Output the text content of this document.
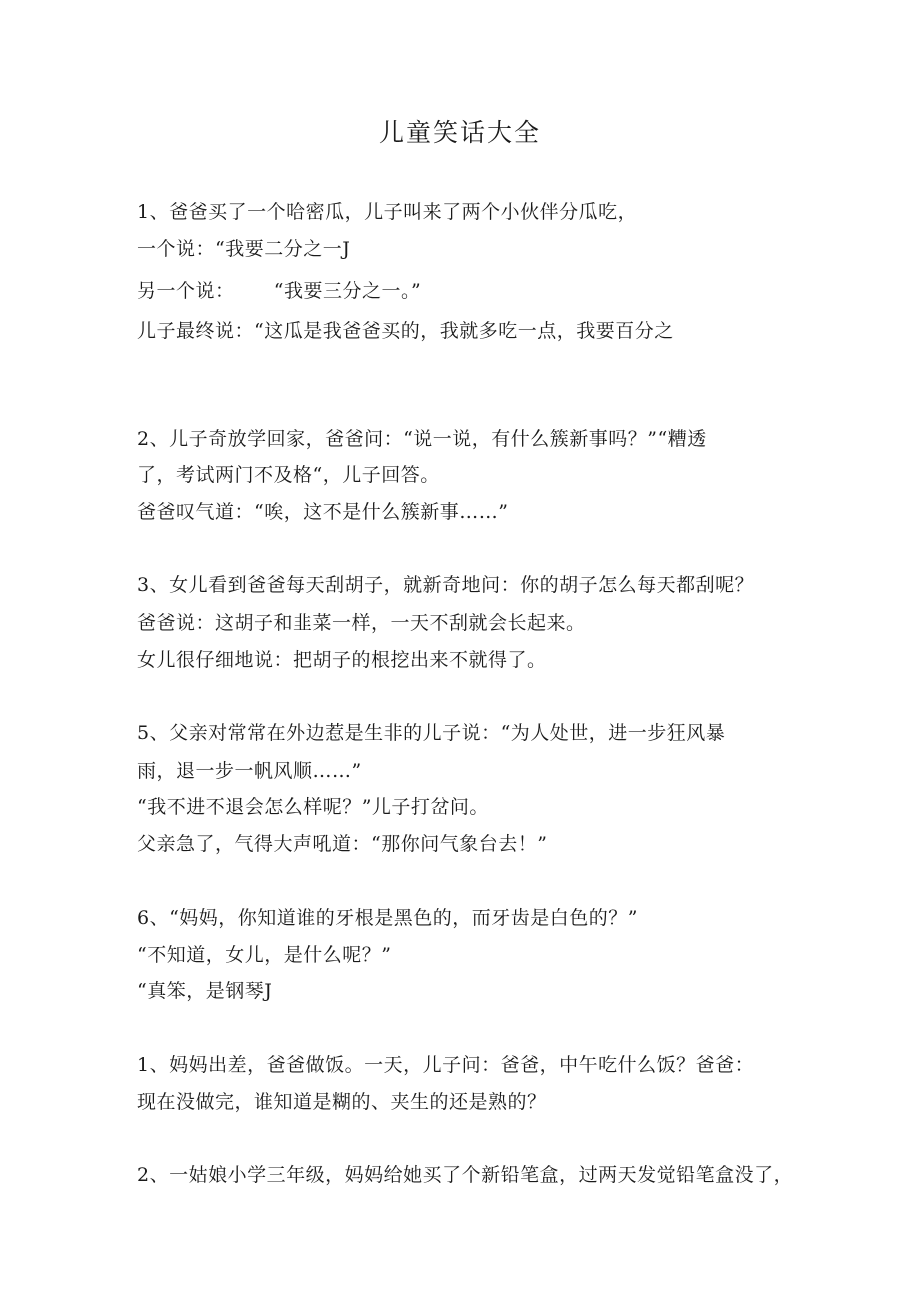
儿童笑话大全
1、爸爸买了一个哈密瓜，儿子叫来了两个小伙伴分瓜吃，
一个说：“我要二分之一J
另一个说：      “我要三分之一。”
儿子最终说：“这瓜是我爸爸买的，我就多吃一点，我要百分之
2、儿子奇放学回家，爸爸问：“说一说，有什么簇新事吗？”“糟透
了，考试两门不及格“，儿子回答。
爸爸叹气道：“唉，这不是什么簇新事……”
3、女儿看到爸爸每天刮胡子，就新奇地问：你的胡子怎么每天都刮呢？
爸爸说：这胡子和韭菜一样，一天不刮就会长起来。
女儿很仔细地说：把胡子的根挖出来不就得了。
5、父亲对常常在外边惹是生非的儿子说：“为人处世，进一步狂风暴
雨，退一步一帆风顺……”
“我不进不退会怎么样呢？”儿子打岔问。
父亲急了，气得大声吼道：“那你问气象台去！”
6、“妈妈，你知道谁的牙根是黑色的，而牙齿是白色的？”
“不知道，女儿，是什么呢？”
“真笨，是钢琴J
1、妈妈出差，爸爸做饭。一天，儿子问：爸爸，中午吃什么饭？爸爸：
现在没做完，谁知道是糊的、夹生的还是熟的？
2、一姑娘小学三年级，妈妈给她买了个新铅笔盒，过两天发觉铅笔盒没了，
